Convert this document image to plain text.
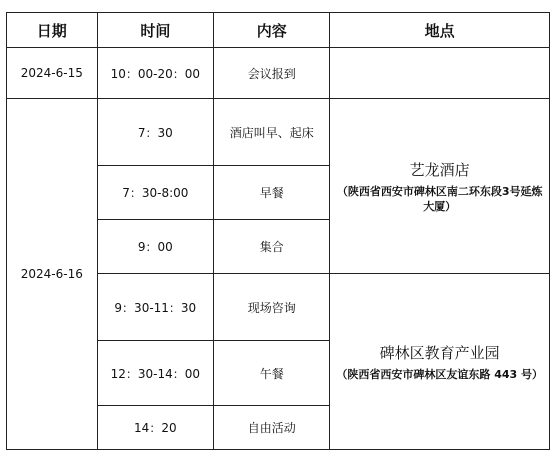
日期	时间	内容	地点
2024-6-15	10：00-20：00	会议报到	
2024-6-16	7：30	酒店叫早、起床	艺龙酒店
（陕西省西安市碑林区南二环东段3号延炼大厦）

	7：30-8:00	早餐	
	9：00	集合	
	9：30-11：30	现场咨询	碑林区教育产业园
（陕西省西安市碑林区友谊东路 443 号）

	12：30-14：00	午餐	
	14：20	自由活动	
